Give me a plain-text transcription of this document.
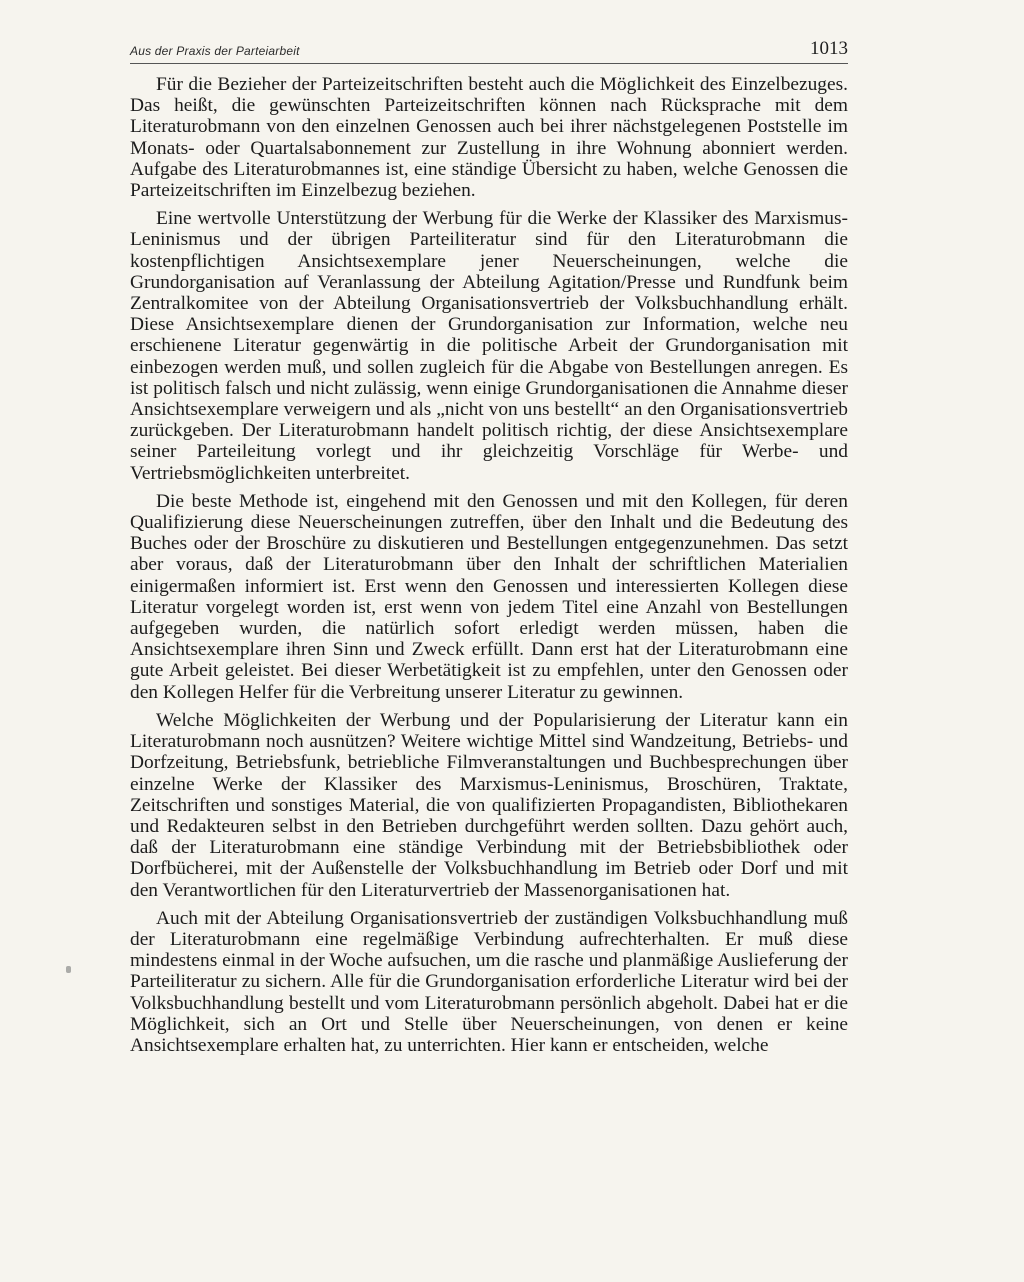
Aus der Praxis der Parteiarbeit	1013

Für die Bezieher der Parteizeitschriften besteht auch die Möglichkeit des Einzelbezuges. Das heißt, die gewünschten Parteizeitschriften können nach Rücksprache mit dem Literaturobmann von den einzelnen Genossen auch bei ihrer nächstgelegenen Poststelle im Monats- oder Quartalsabonnement zur Zustellung in ihre Wohnung abonniert werden. Aufgabe des Literaturobmannes ist, eine ständige Übersicht zu haben, welche Genossen die Parteizeitschriften im Einzelbezug beziehen.

Eine wertvolle Unterstützung der Werbung für die Werke der Klassiker des Marxismus-Leninismus und der übrigen Parteiliteratur sind für den Literaturobmann die kostenpflichtigen Ansichtsexemplare jener Neuerscheinungen, welche die Grundorganisation auf Veranlassung der Abteilung Agitation/Presse und Rundfunk beim Zentralkomitee von der Abteilung Organisationsvertrieb der Volksbuchhandlung erhält. Diese Ansichtsexemplare dienen der Grundorganisation zur Information, welche neu erschienene Literatur gegenwärtig in die politische Arbeit der Grundorganisation mit einbezogen werden muß, und sollen zugleich für die Abgabe von Bestellungen anregen. Es ist politisch falsch und nicht zulässig, wenn einige Grundorganisationen die Annahme dieser Ansichtsexemplare verweigern und als „nicht von uns bestellt“ an den Organisationsvertrieb zurückgeben. Der Literaturobmann handelt politisch richtig, der diese Ansichtsexemplare seiner Parteileitung vorlegt und ihr gleichzeitig Vorschläge für Werbe- und Vertriebsmöglichkeiten unterbreitet.

Die beste Methode ist, eingehend mit den Genossen und mit den Kollegen, für deren Qualifizierung diese Neuerscheinungen zutreffen, über den Inhalt und die Bedeutung des Buches oder der Broschüre zu diskutieren und Bestellungen entgegenzunehmen. Das setzt aber voraus, daß der Literaturobmann über den Inhalt der schriftlichen Materialien einigermaßen informiert ist. Erst wenn den Genossen und interessierten Kollegen diese Literatur vorgelegt worden ist, erst wenn von jedem Titel eine Anzahl von Bestellungen aufgegeben wurden, die natürlich sofort erledigt werden müssen, haben die Ansichtsexemplare ihren Sinn und Zweck erfüllt. Dann erst hat der Literaturobmann eine gute Arbeit geleistet. Bei dieser Werbetätigkeit ist zu empfehlen, unter den Genossen oder den Kollegen Helfer für die Verbreitung unserer Literatur zu gewinnen.

Welche Möglichkeiten der Werbung und der Popularisierung der Literatur kann ein Literaturobmann noch ausnützen? Weitere wichtige Mittel sind Wandzeitung, Betriebs- und Dorfzeitung, Betriebsfunk, betriebliche Filmveranstaltungen und Buchbesprechungen über einzelne Werke der Klassiker des Marxismus-Leninismus, Broschüren, Traktate, Zeitschriften und sonstiges Material, die von qualifizierten Propagandisten, Bibliothekaren und Redakteuren selbst in den Betrieben durchgeführt werden sollten. Dazu gehört auch, daß der Literaturobmann eine ständige Verbindung mit der Betriebsbibliothek oder Dorfbücherei, mit der Außenstelle der Volksbuchhandlung im Betrieb oder Dorf und mit den Verantwortlichen für den Literaturvertrieb der Massenorganisationen hat.

Auch mit der Abteilung Organisationsvertrieb der zuständigen Volksbuchhandlung muß der Literaturobmann eine regelmäßige Verbindung aufrechterhalten. Er muß diese mindestens einmal in der Woche aufsuchen, um die rasche und planmäßige Auslieferung der Parteiliteratur zu sichern. Alle für die Grundorganisation erforderliche Literatur wird bei der Volksbuchhandlung bestellt und vom Literaturobmann persönlich abgeholt. Dabei hat er die Möglichkeit, sich an Ort und Stelle über Neuerscheinungen, von denen er keine Ansichtsexemplare erhalten hat, zu unterrichten. Hier kann er entscheiden, welche
